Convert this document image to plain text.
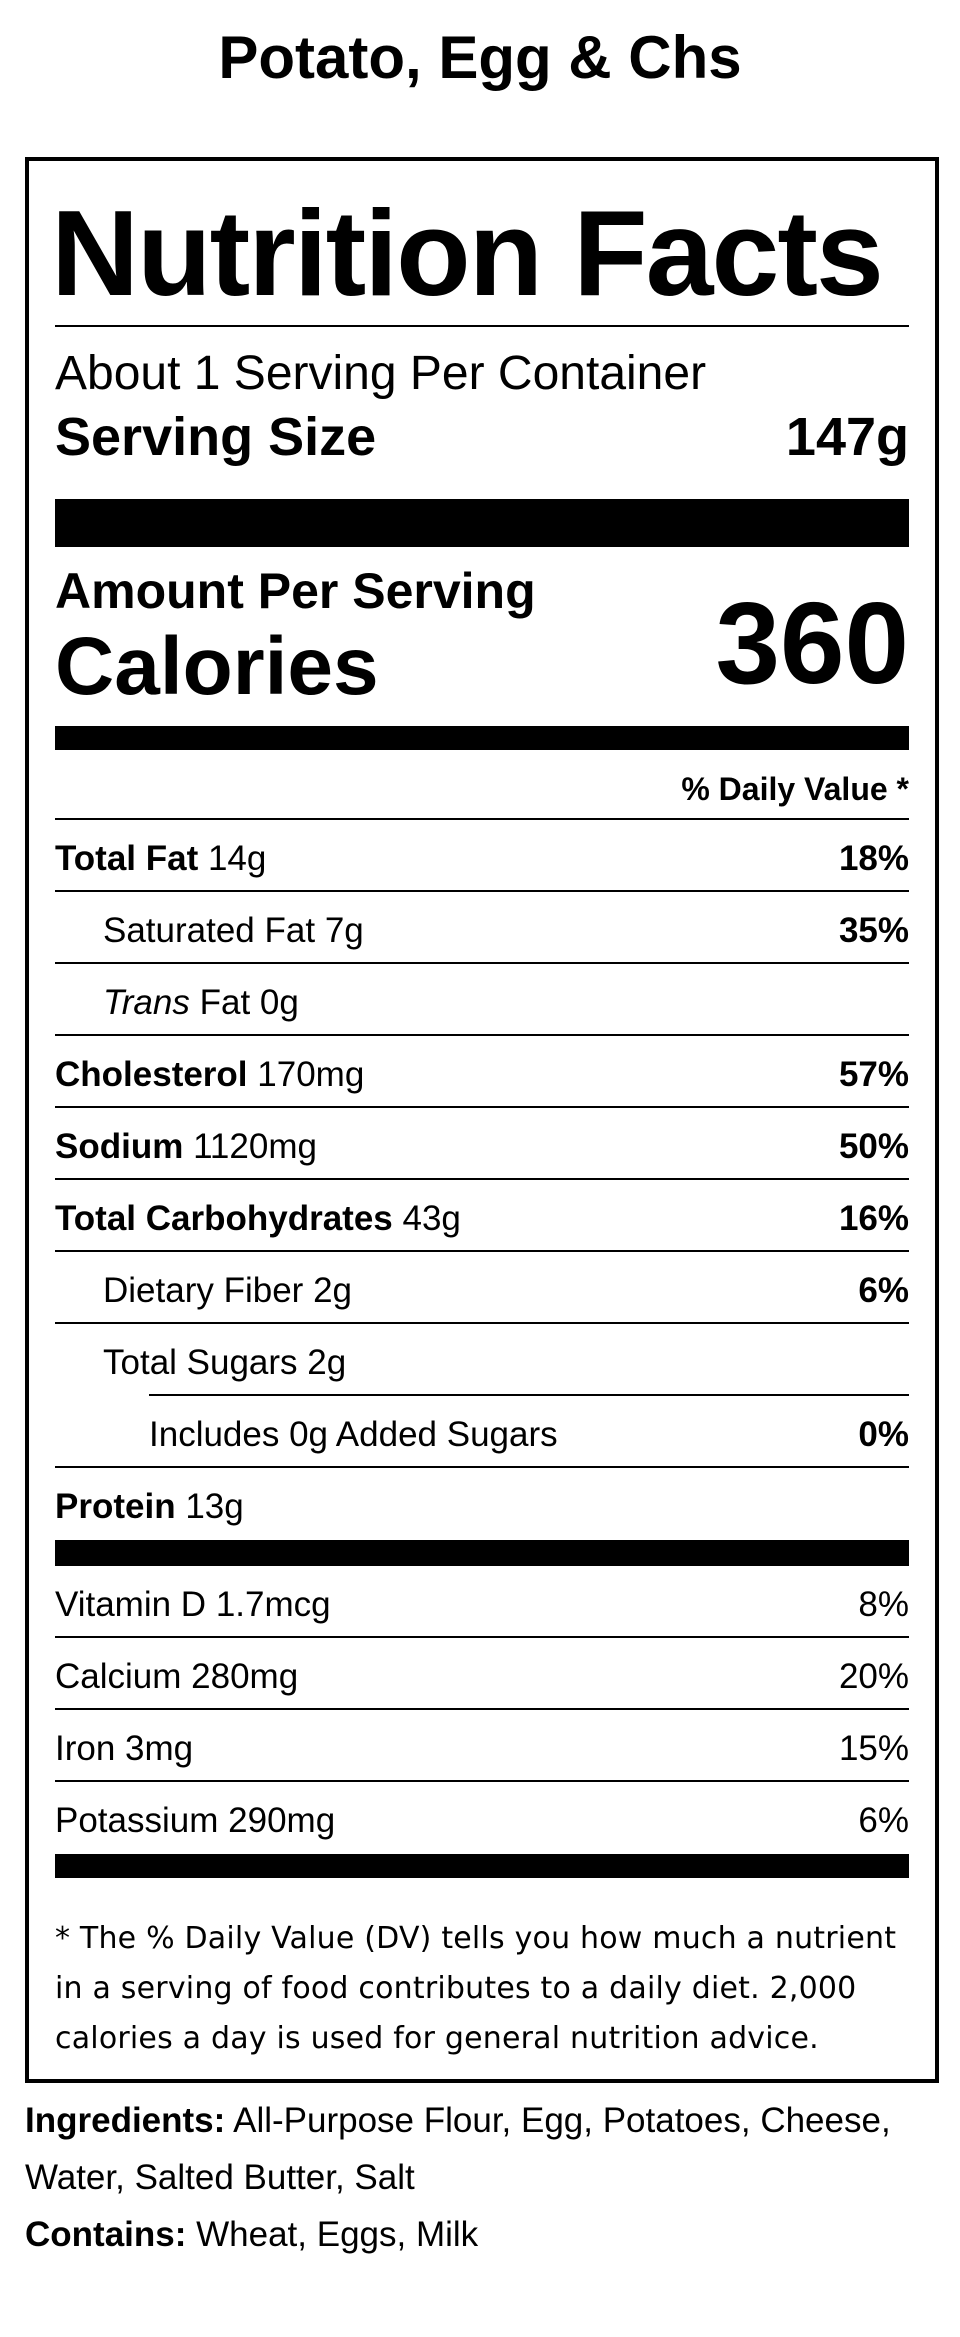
Potato, Egg & Chs
Nutrition Facts
About 1 Serving Per Container
Serving Size	147g
Amount Per Serving
Calories	360
% Daily Value *
Total Fat 14g	18%
Saturated Fat 7g	35%
Trans Fat 0g
Cholesterol 170mg	57%
Sodium 1120mg	50%
Total Carbohydrates 43g	16%
Dietary Fiber 2g	6%
Total Sugars 2g
Includes 0g Added Sugars	0%
Protein 13g
Vitamin D 1.7mcg	8%
Calcium 280mg	20%
Iron 3mg	15%
Potassium 290mg	6%
* The % Daily Value (DV) tells you how much a nutrient in a serving of food contributes to a daily diet. 2,000 calories a day is used for general nutrition advice.
Ingredients: All-Purpose Flour, Egg, Potatoes, Cheese, Water, Salted Butter, Salt
Contains: Wheat, Eggs, Milk
